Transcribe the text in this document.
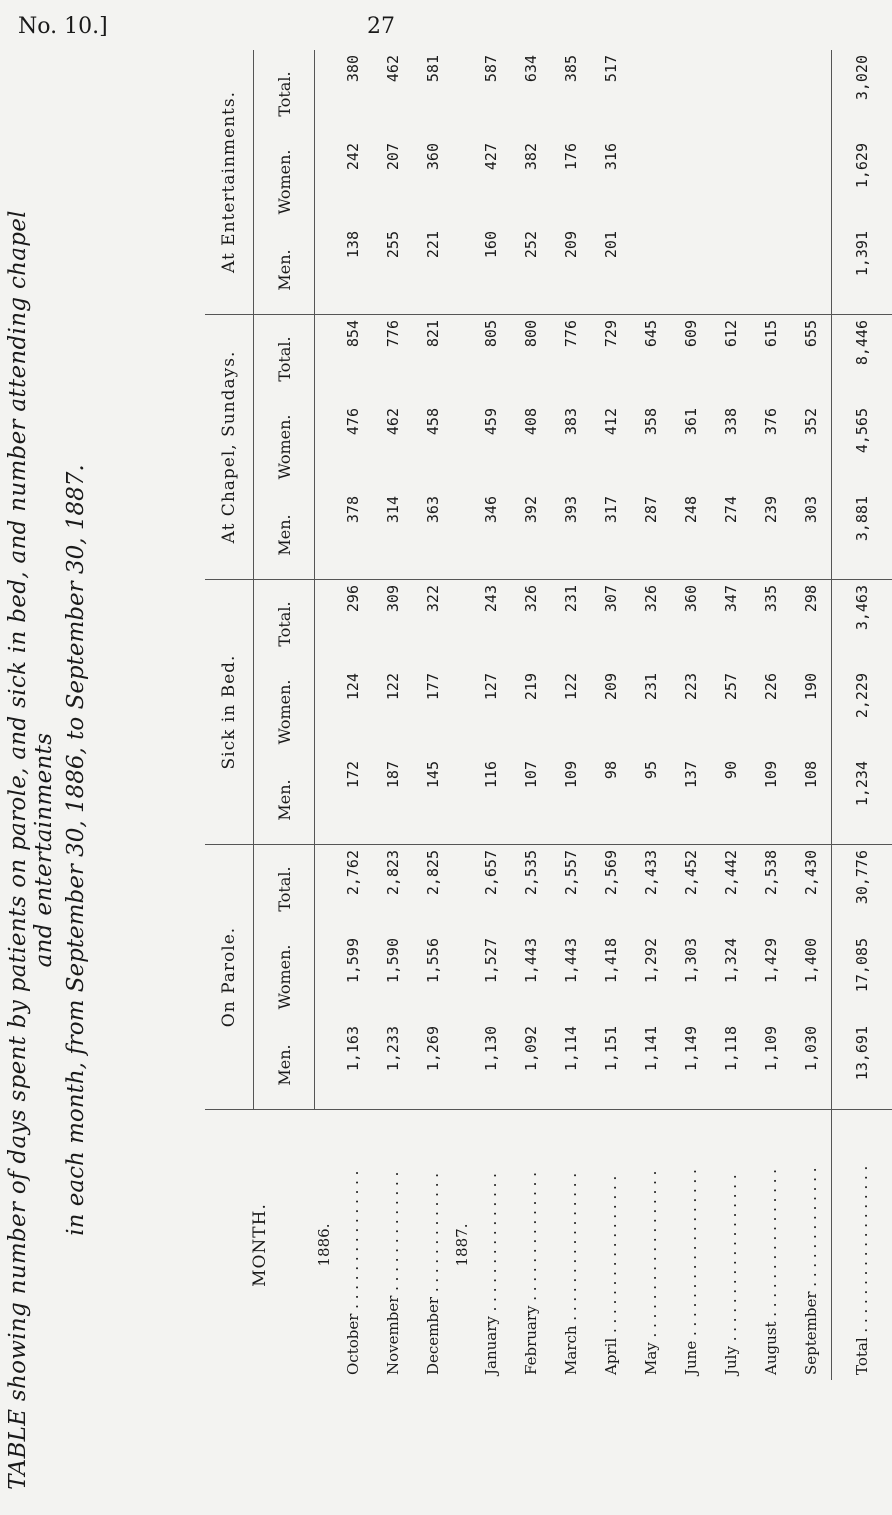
No. 10.]	27
TABLE showing number of days spent by patients on parole, and sick in bed, and number attending chapel and entertainments in each month, from September 30, 1886, to September 30, 1887.
MONTH.	On Parole.			Sick in Bed.			At Chapel, Sundays.			At Entertainments.		
	Men.	Women.	Total.	Men.	Women.	Total.	Men.	Women.	Total.	Men.	Women.	Total.
1886.												
October . . . . . . . . . . . . . . .	1,163	1,599	2,762	172	124	296	378	476	854	138	242	380
November . . . . . . . . . . . . .	1,233	1,590	2,823	187	122	309	314	462	776	255	207	462
December . . . . . . . . . . . . .	1,269	1,556	2,825	145	177	322	363	458	821	221	360	581
1887.												
January . . . . . . . . . . . . . . .	1,130	1,527	2,657	116	127	243	346	459	805	160	427	587
February . . . . . . . . . . . . . .	1,092	1,443	2,535	107	219	326	392	408	800	252	382	634
March . . . . . . . . . . . . . . . .	1,114	1,443	2,557	109	122	231	393	383	776	209	176	385
April . . . . . . . . . . . . . . . . .	1,151	1,418	2,569	98	209	307	317	412	729	201	316	517
May . . . . . . . . . . . . . . . . . .	1,141	1,292	2,433	95	231	326	287	358	645			
June . . . . . . . . . . . . . . . . . .	1,149	1,303	2,452	137	223	360	248	361	609			
July . . . . . . . . . . . . . . . . . .	1,118	1,324	2,442	90	257	347	274	338	612			
August . . . . . . . . . . . . . . . .	1,109	1,429	2,538	109	226	335	239	376	615			
September . . . . . . . . . . . . .	1,030	1,400	2,430	108	190	298	303	352	655			
Total . . . . . . . . . . . . . . . . . .	13,691	17,085	30,776	1,234	2,229	3,463	3,881	4,565	8,446	1,391	1,629	3,020
